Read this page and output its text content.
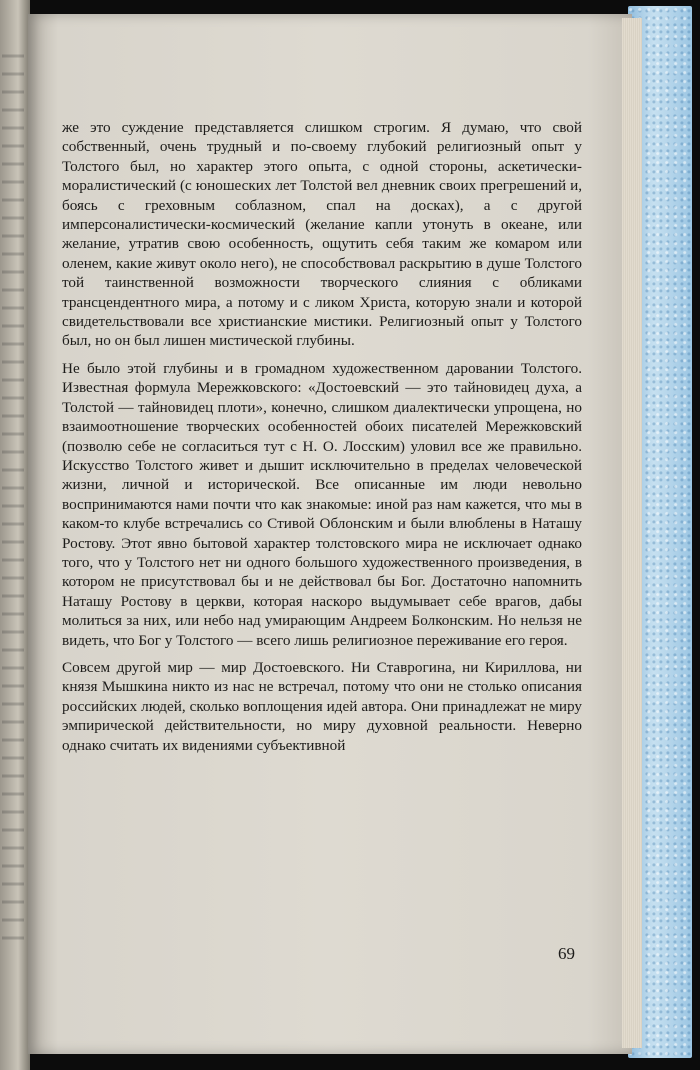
же это суждение представляется слишком строгим. Я думаю, что свой собственный, очень трудный и по-своему глубокий религиозный опыт у Толстого был, но характер этого опыта, с одной стороны, аскетически-моралистический (с юношеских лет Толстой вел дневник своих прегрешений и, боясь с греховным соблазном, спал на досках), а с другой имперсоналистически-космический (желание капли утонуть в океане, или желание, утратив свою особенность, ощутить себя таким же комаром или оленем, какие живут около него), не способствовал раскрытию в душе Толстого той таинственной возможности творческого слияния с обликами трансцендентного мира, а потому и с ликом Христа, которую знали и которой свидетельствовали все христианские мистики. Религиозный опыт у Толстого был, но он был лишен мистической глубины.

Не было этой глубины и в громадном художественном даровании Толстого. Известная формула Мережковского: «Достоевский — это тайновидец духа, а Толстой — тайновидец плоти», конечно, слишком диалектически упрощена, но взаимоотношение творческих особенностей обоих писателей Мережковский (позволю себе не согласиться тут с Н. О. Лосским) уловил все же правильно. Искусство Толстого живет и дышит исключительно в пределах человеческой жизни, личной и исторической. Все описанные им люди невольно воспринимаются нами почти что как знакомые: иной раз нам кажется, что мы в каком-то клубе встречались со Стивой Облонским и были влюблены в Наташу Ростову. Этот явно бытовой характер толстовского мира не исключает однако того, что у Толстого нет ни одного большого художественного произведения, в котором не присутствовал бы и не действовал бы Бог. Достаточно напомнить Наташу Ростову в церкви, которая наскоро выдумывает себе врагов, дабы молиться за них, или небо над умирающим Андреем Болконским. Но нельзя не видеть, что Бог у Толстого — всего лишь религиозное переживание его героя.

Совсем другой мир — мир Достоевского. Ни Ставрогина, ни Кириллова, ни князя Мышкина никто из нас не встречал, потому что они не столько описания российских людей, сколько воплощения идей автора. Они принадлежат не миру эмпирической действительности, но миру духовной реальности. Неверно однако считать их видениями субъективной

69
